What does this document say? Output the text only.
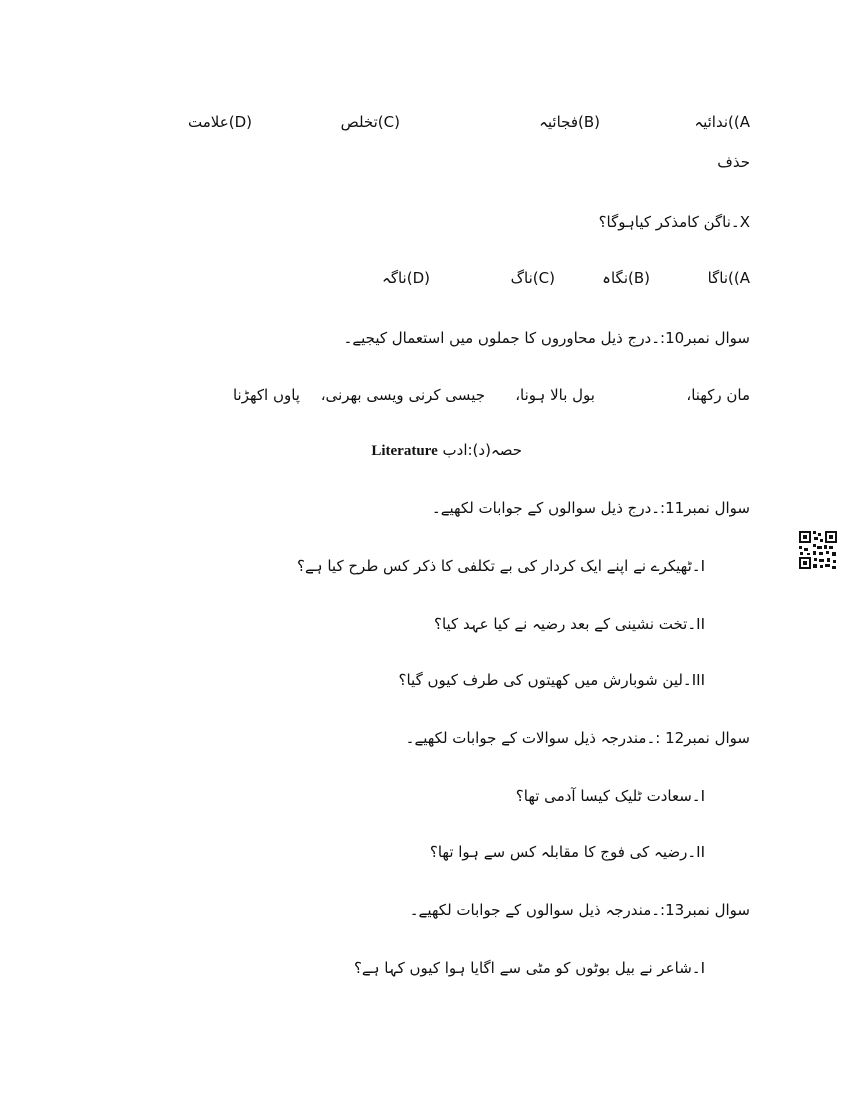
A))ندائیہ
(B)فجائیہ
(C)تخلص
(D)علامت
حذف
X۔ناگن کامذکر کیاہوگا؟
A))ناگا
(B)نگاہ
(C)ناگ
(D)ناگہ
سوال نمبر10:۔درج ذیل محاوروں کا جملوں میں استعمال کیجیے۔
مان رکھنا،
بول بالا ہونا،
جیسی کرنی ویسی بھرنی،
پاوں اکھڑنا
حصہ(د):ادب Literature
سوال نمبر11:۔درج ذیل سوالوں کے جوابات لکھیے۔
I۔ٹھیکرے نے اپنے ایک کردار کی بے تکلفی کا ذکر کس طرح کیا ہے؟
II۔تخت نشینی کے بعد رضیہ نے کیا عہد کیا؟
III۔لین شوبارش میں کھیتوں کی طرف کیوں گیا؟
سوال نمبر12 :۔مندرجہ ذیل سوالات کے جوابات لکھیے۔
I۔سعادت ٹلیک کیسا آدمی تھا؟
II۔رضیہ کی فوج کا مقابلہ کس سے ہوا تھا؟
سوال نمبر13:۔مندرجہ ذیل سوالوں کے جوابات لکھیے۔
I۔شاعر نے بیل بوٹوں کو مٹی سے اگایا ہوا کیوں کہا ہے؟
